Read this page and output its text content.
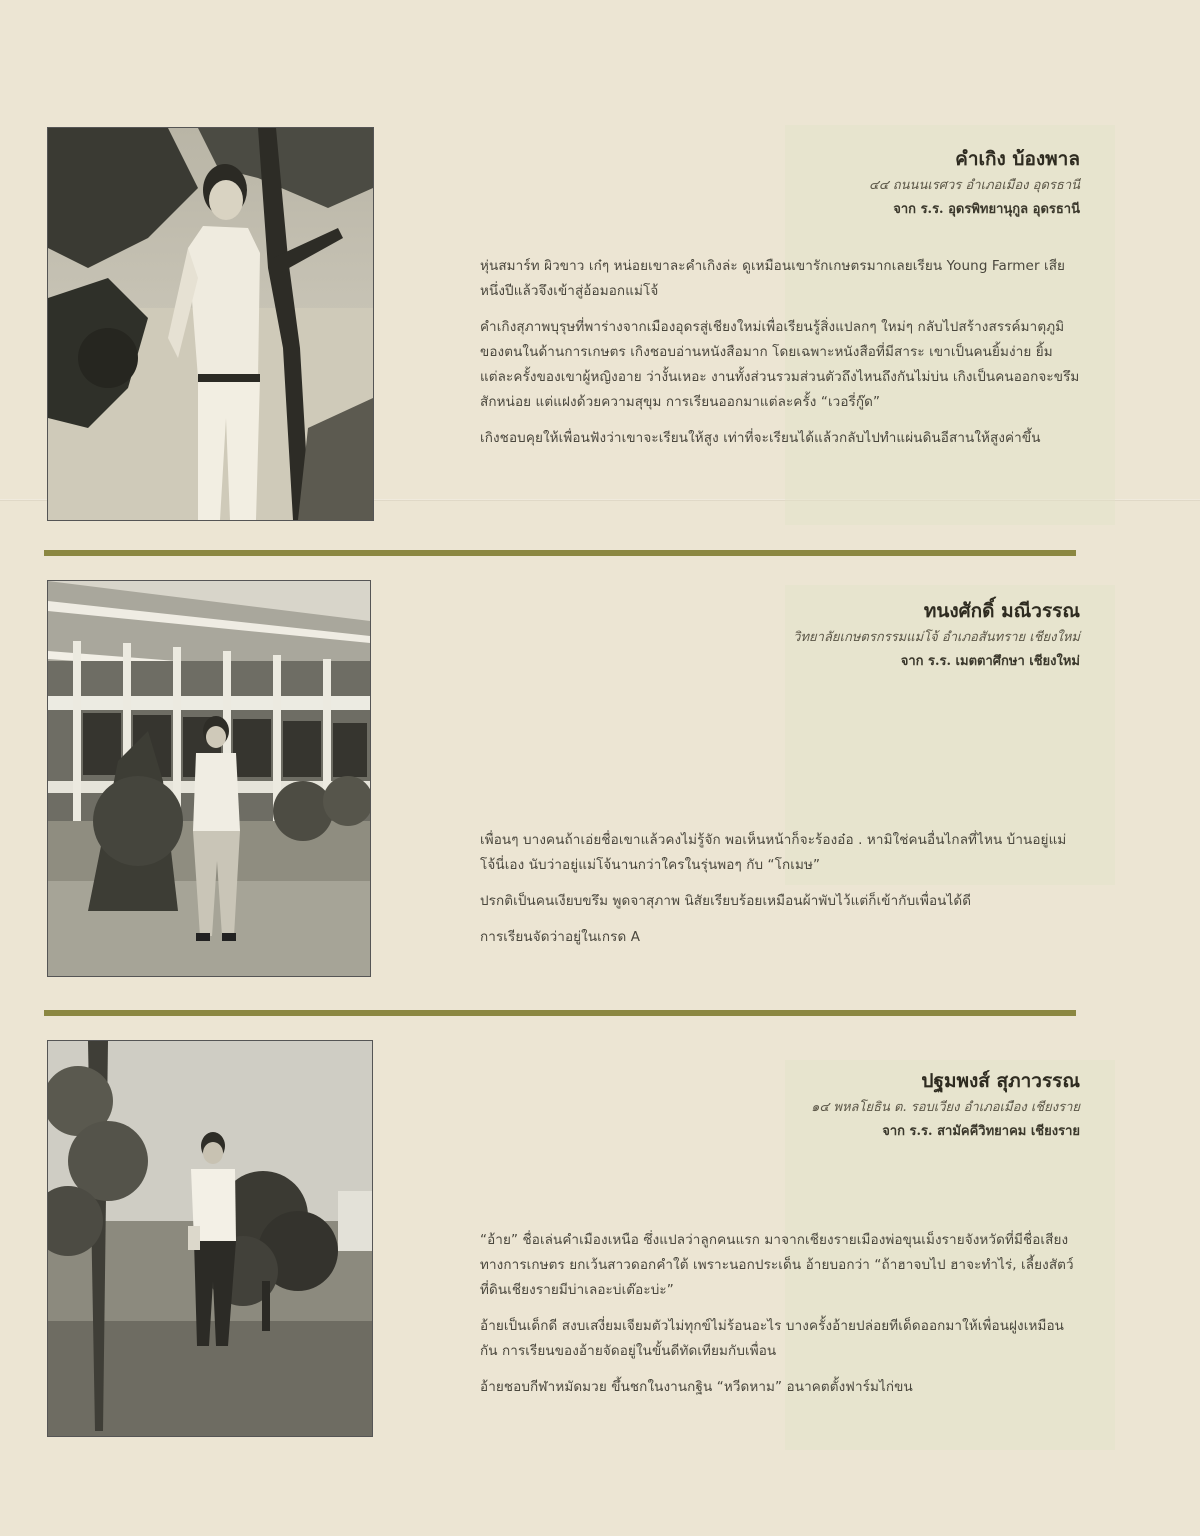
คำเกิง บ้องพาล

๔๔ ถนนนเรศวร อำเภอเมือง อุดรธานี

จาก ร.ร. อุดรพิทยานุกูล อุดรธานี

หุ่นสมาร์ท ผิวขาว เก๋ๆ หน่อยเขาละคำเกิงล่ะ ดูเหมือนเขารักเกษตรมากเลยเรียน Young Farmer เสียหนึ่งปีแล้วจึงเข้าสู่อ้อมอกแม่โจ้

คำเกิงสุภาพบุรุษที่พาร่างจากเมืองอุดรสู่เชียงใหม่เพื่อเรียนรู้สิ่งแปลกๆ ใหม่ๆ กลับไปสร้างสรรค์มาตุภูมิของตนในด้านการเกษตร เกิงชอบอ่านหนังสือมาก โดยเฉพาะหนังสือที่มีสาระ เขาเป็นคนยิ้มง่าย ยิ้มแต่ละครั้งของเขาผู้หญิงอาย ว่างั้นเหอะ งานทั้งส่วนรวมส่วนตัวถึงไหนถึงกันไม่บ่น เกิงเป็นคนออกจะขรึมสักหน่อย แต่แฝงด้วยความสุขุม การเรียนออกมาแต่ละครั้ง “เวอรี่กู๊ด”

เกิงชอบคุยให้เพื่อนฟังว่าเขาจะเรียนให้สูง เท่าที่จะเรียนได้แล้วกลับไปทำแผ่นดินอีสานให้สูงค่าขึ้น

ทนงศักดิ์ มณีวรรณ

วิทยาลัยเกษตรกรรมแม่โจ้ อำเภอสันทราย เชียงใหม่

จาก ร.ร. เมตตาศึกษา เชียงใหม่

เพื่อนๆ บางคนถ้าเอ่ยชื่อเขาแล้วคงไม่รู้จัก พอเห็นหน้าก็จะร้องอ๋อ . หามิใช่คนอื่นไกลที่ไหน บ้านอยู่แม่โจ้นี่เอง นับว่าอยู่แม่โจ้นานกว่าใครในรุ่นพอๆ กับ “โกเมษ”

ปรกติเป็นคนเงียบขรึม พูดจาสุภาพ นิสัยเรียบร้อยเหมือนผ้าพับไว้แต่ก็เข้ากับเพื่อนได้ดี

การเรียนจัดว่าอยู่ในเกรด A

ปฐมพงส์ สุภาวรรณ

๑๔ พหลโยธิน ต. รอบเวียง อำเภอเมือง เชียงราย

จาก ร.ร. สามัคคีวิทยาคม เชียงราย

“อ้าย” ชื่อเล่นคำเมืองเหนือ ซึ่งแปลว่าลูกคนแรก มาจากเชียงรายเมืองพ่อขุนเม็งรายจังหวัดที่มีชื่อเสียงทางการเกษตร ยกเว้นสาวดอกคำใต้ เพราะนอกประเด็น อ้ายบอกว่า “ถ้าฮาจบไป ฮาจะทำไร่, เลี้ยงสัตว์ ที่ดินเชียงรายมีบ่าเลอะบ่เต๊อะบ่ะ”

อ้ายเป็นเด็กดี สงบเสงี่ยมเจียมตัวไม่ทุกข์ไม่ร้อนอะไร บางครั้งอ้ายปล่อยทีเด็ดออกมาให้เพื่อนฝูงเหมือนกัน การเรียนของอ้ายจัดอยู่ในขั้นดีทัดเทียมกับเพื่อน

อ้ายชอบกีฬาหมัดมวย ขึ้นชกในงานกฐิน “หวีดหาม” อนาคตตั้งฟาร์มไก่ขน
